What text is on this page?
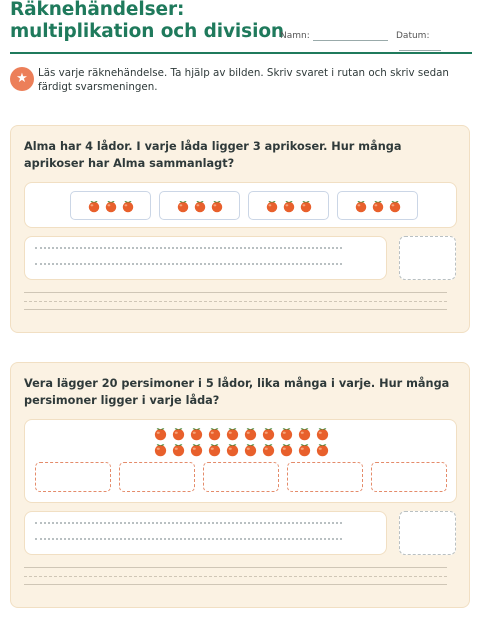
Räknehändelser:
multiplikation och division
Namn:	Datum:
★ Läs varje räknehändelse. Ta hjälp av bilden. Skriv svaret i rutan och skriv sedan färdigt svarsmeningen.
Alma har 4 lådor. I varje låda ligger 3 aprikoser. Hur många aprikoser har Alma sammanlagt?
Vera lägger 20 persimoner i 5 lådor, lika många i varje. Hur många persimoner ligger i varje låda?
